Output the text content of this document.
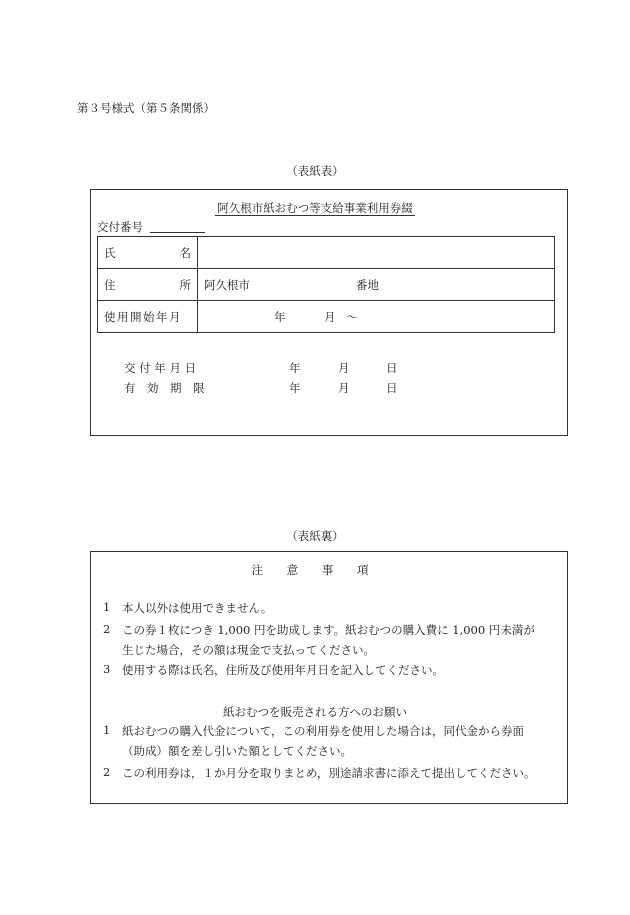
第３号様式（第５条関係）
（表紙表）
阿久根市紙おむつ等支給事業利用券綴
交付番号
氏 名	

住 所	阿久根市 番地

使用開始年月	年 月 ～
交 付 年 月 日	年	月	日
有　効　期　限	年	月	日
（表紙裏）
注 意 事 項
1 本人以外は使用できません。
2 この券１枚につき 1,000 円を助成します。紙おむつの購入費に 1,000 円未満が
生じた場合，その額は現金で支払ってください。
3 使用する際は氏名，住所及び使用年月日を記入してください。
紙おむつを販売される方へのお願い
1 紙おむつの購入代金について，この利用券を使用した場合は，同代金から券面
（助成）額を差し引いた額としてください。
2 この利用券は，１か月分を取りまとめ，別途請求書に添えて提出してください。
